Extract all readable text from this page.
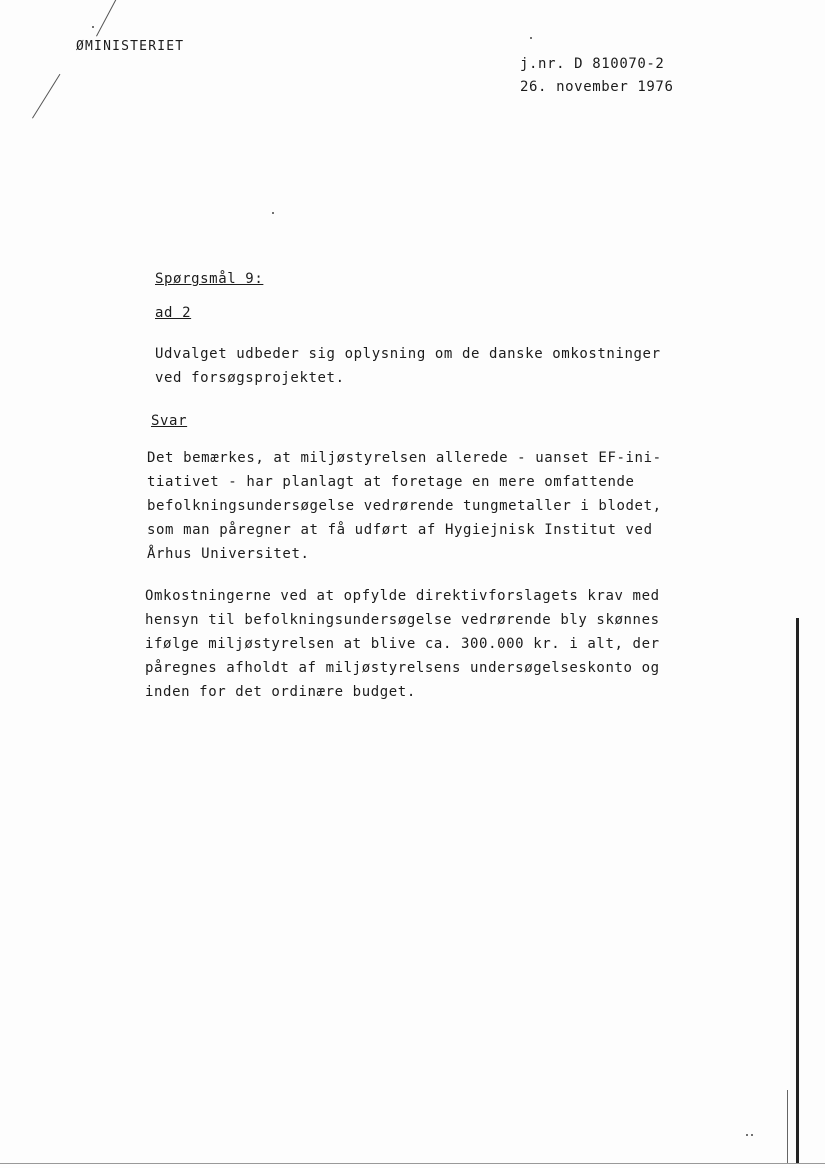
ØMINISTERIET
j.nr. D 810070-2
26. november 1976
Spørgsmål 9:
ad 2
Udvalget udbeder sig oplysning om de danske omkostninger
ved forsøgsprojektet.
Svar
Det bemærkes, at miljøstyrelsen allerede - uanset EF-ini-
tiativet - har planlagt at foretage en mere omfattende
befolkningsundersøgelse vedrørende tungmetaller i blodet,
som man påregner at få udført af Hygiejnisk Institut ved
Århus Universitet.
Omkostningerne ved at opfylde direktivforslagets krav med
hensyn til befolkningsundersøgelse vedrørende bly skønnes
ifølge miljøstyrelsen at blive ca. 300.000 kr. i alt, der
påregnes afholdt af miljøstyrelsens undersøgelseskonto og
inden for det ordinære budget.
